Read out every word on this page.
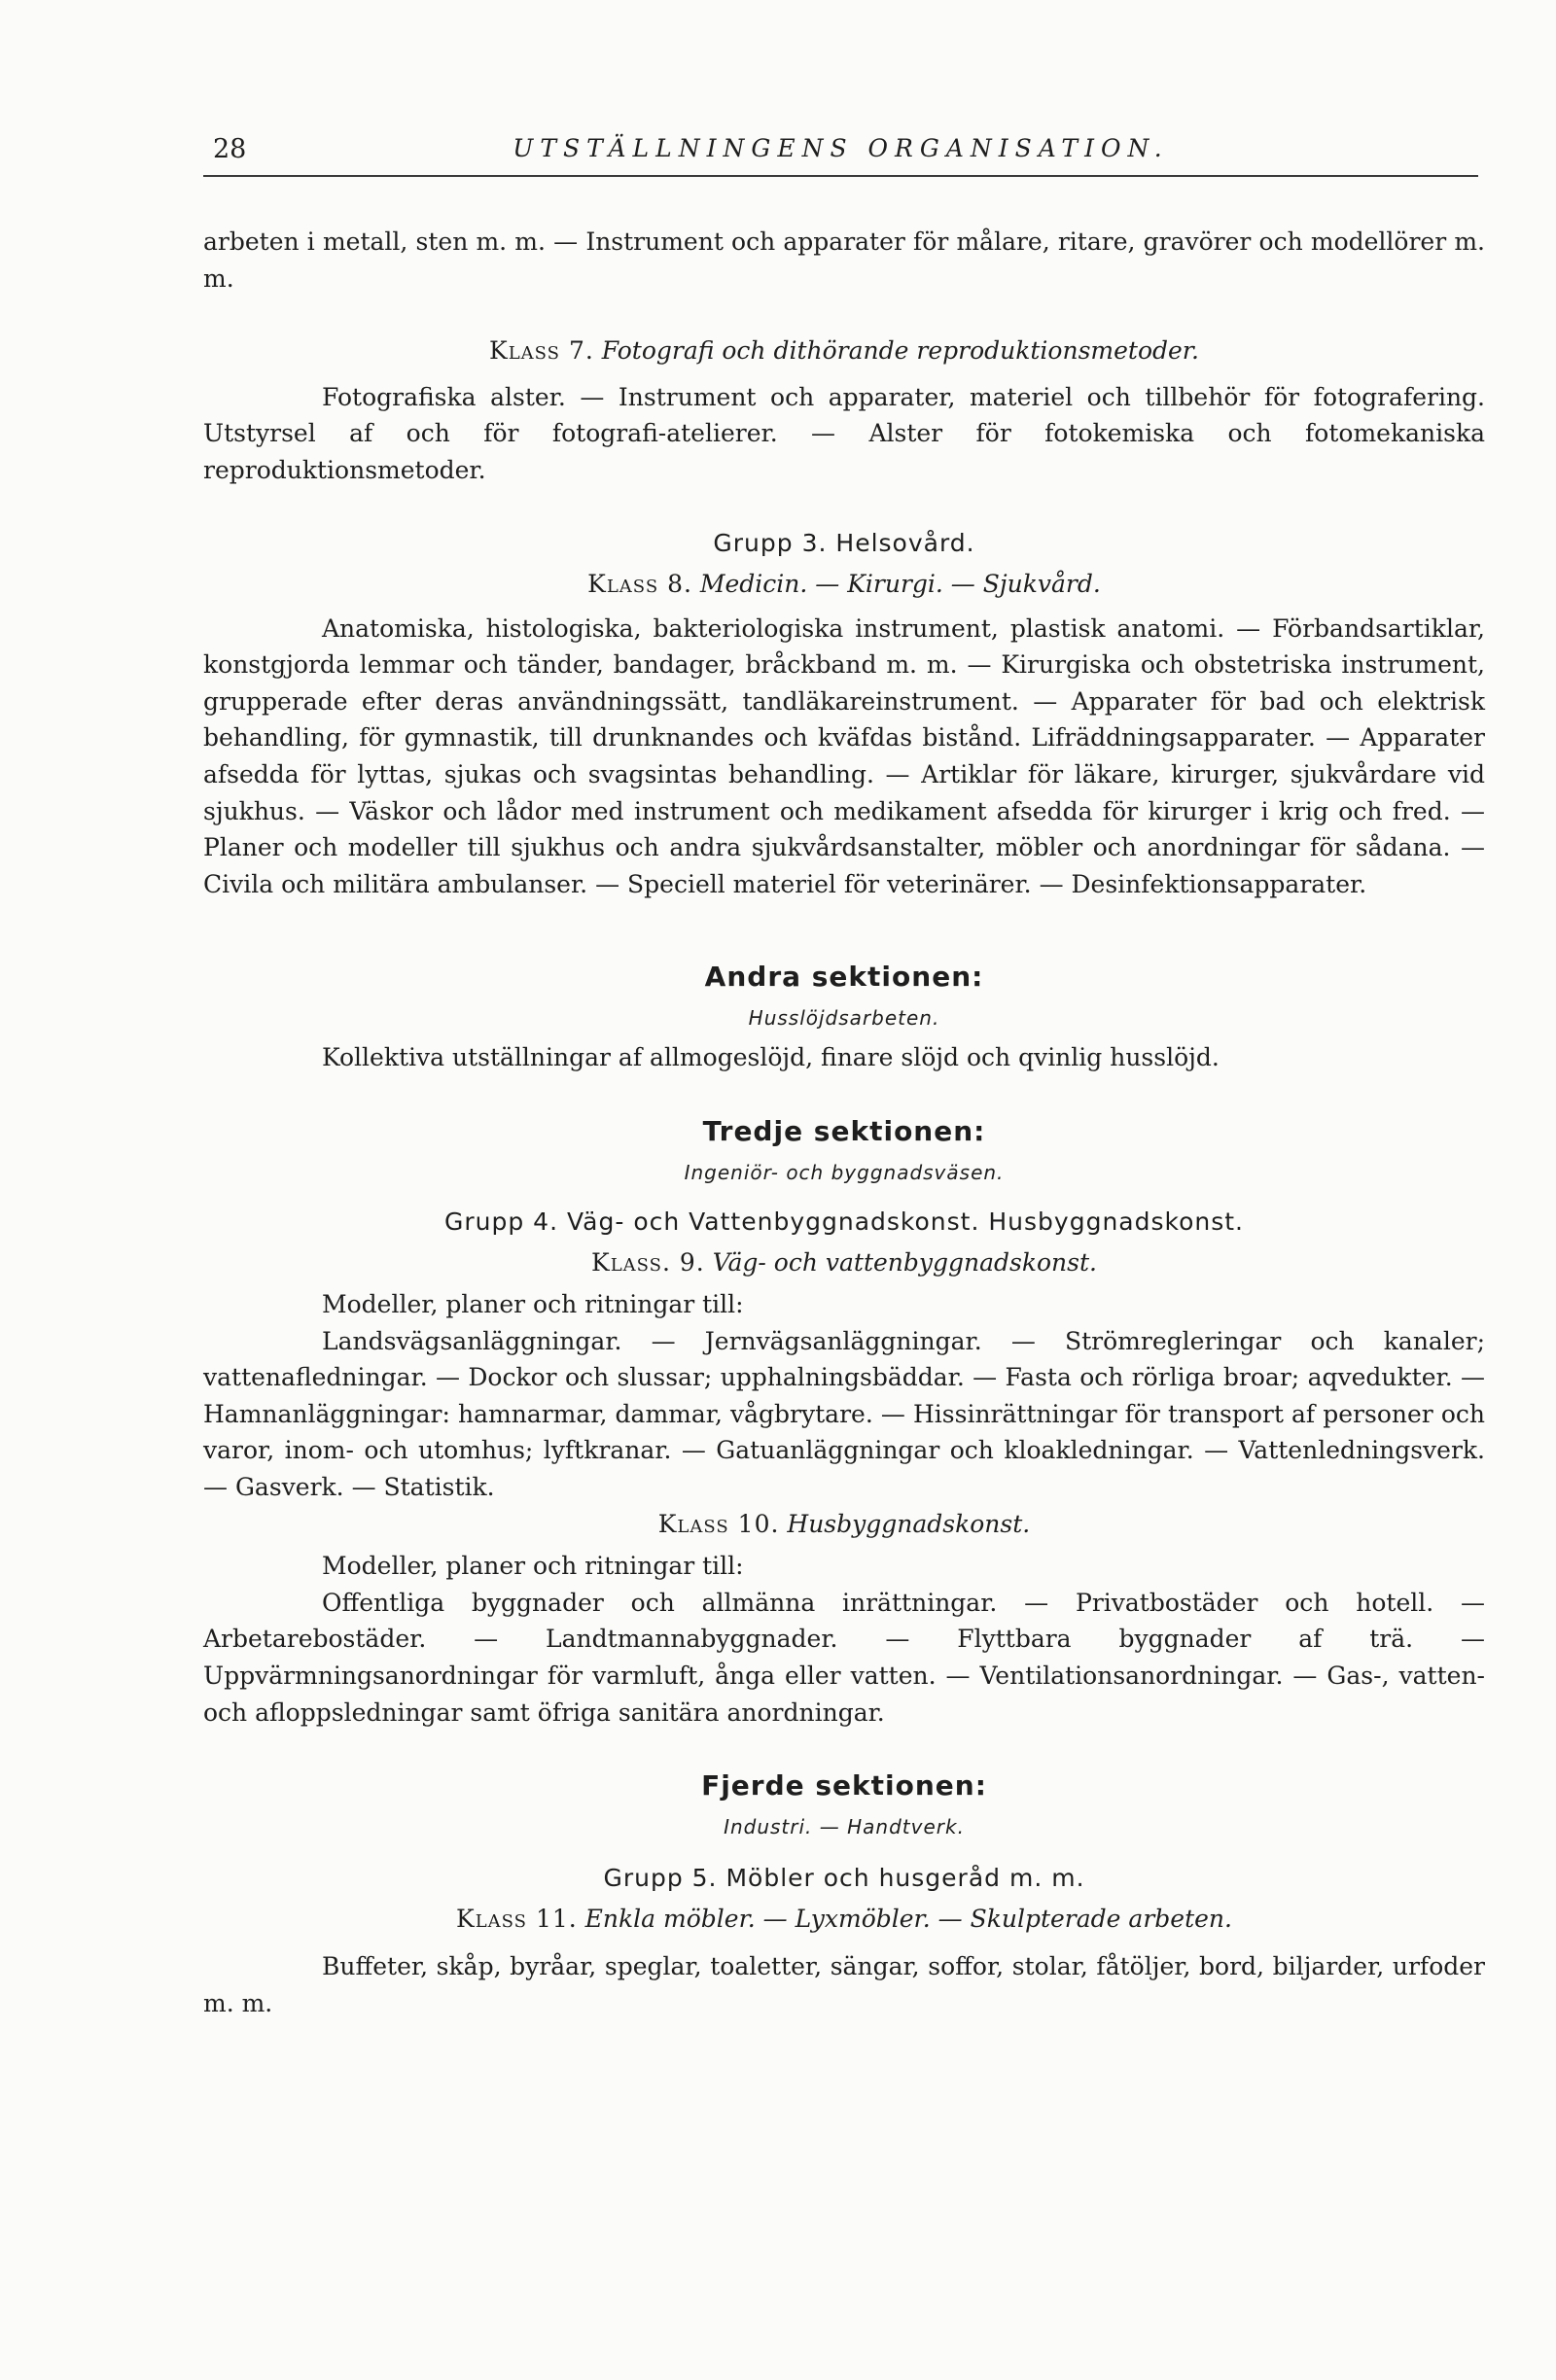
28	UTSTÄLLNINGENS ORGANISATION.

arbeten i metall, sten m. m. — Instrument och apparater för målare, ritare, gravörer och modellörer m. m.

Klass 7. Fotografi och dithörande reproduktionsmetoder.

Fotografiska alster. — Instrument och apparater, materiel och tillbehör för fotografering. Utstyrsel af och för fotografi-atelierer. — Alster för fotokemiska och fotomekaniska reproduktionsmetoder.

Grupp 3. Helsovård.
Klass 8. Medicin. — Kirurgi. — Sjukvård.

Anatomiska, histologiska, bakteriologiska instrument, plastisk anatomi. — Förbandsartiklar, konstgjorda lemmar och tänder, bandager, bråckband m. m. — Kirurgiska och obstetriska instrument, grupperade efter deras användningssätt, tandläkareinstrument. — Apparater för bad och elektrisk behandling, för gymnastik, till drunknandes och kväfdas bistånd. Lifräddningsapparater. — Apparater afsedda för lyttas, sjukas och svagsintas behandling. — Artiklar för läkare, kirurger, sjukvårdare vid sjukhus. — Väskor och lådor med instrument och medikament afsedda för kirurger i krig och fred. — Planer och modeller till sjukhus och andra sjukvårdsanstalter, möbler och anordningar för sådana. — Civila och militära ambulanser. — Speciell materiel för veterinärer. — Desinfektionsapparater.

Andra sektionen:
Husslöjdsarbeten.

Kollektiva utställningar af allmogeslöjd, finare slöjd och qvinlig husslöjd.

Tredje sektionen:
Ingeniör- och byggnadsväsen.
Grupp 4. Väg- och Vattenbyggnadskonst. Husbyggnadskonst.
Klass. 9. Väg- och vattenbyggnadskonst.

Modeller, planer och ritningar till:

Landsvägsanläggningar. — Jernvägsanläggningar. — Strömregleringar och kanaler; vattenafledningar. — Dockor och slussar; upphalningsbäddar. — Fasta och rörliga broar; aqvedukter. — Hamnanläggningar: hamnarmar, dammar, vågbrytare. — Hissinrättningar för transport af personer och varor, inom- och utomhus; lyftkranar. — Gatuanläggningar och kloakledningar. — Vattenledningsverk. — Gasverk. — Statistik.

Klass 10. Husbyggnadskonst.

Modeller, planer och ritningar till:

Offentliga byggnader och allmänna inrättningar. — Privatbostäder och hotell. — Arbetarebostäder. — Landtmannabyggnader. — Flyttbara byggnader af trä. — Uppvärmningsanordningar för varmluft, ånga eller vatten. — Ventilationsanordningar. — Gas-, vatten- och afloppsledningar samt öfriga sanitära anordningar.

Fjerde sektionen:
Industri. — Handtverk.
Grupp 5. Möbler och husgeråd m. m.
Klass 11. Enkla möbler. — Lyxmöbler. — Skulpterade arbeten.

Buffeter, skåp, byråar, speglar, toaletter, sängar, soffor, stolar, fåtöljer, bord, biljarder, urfoder m. m.
